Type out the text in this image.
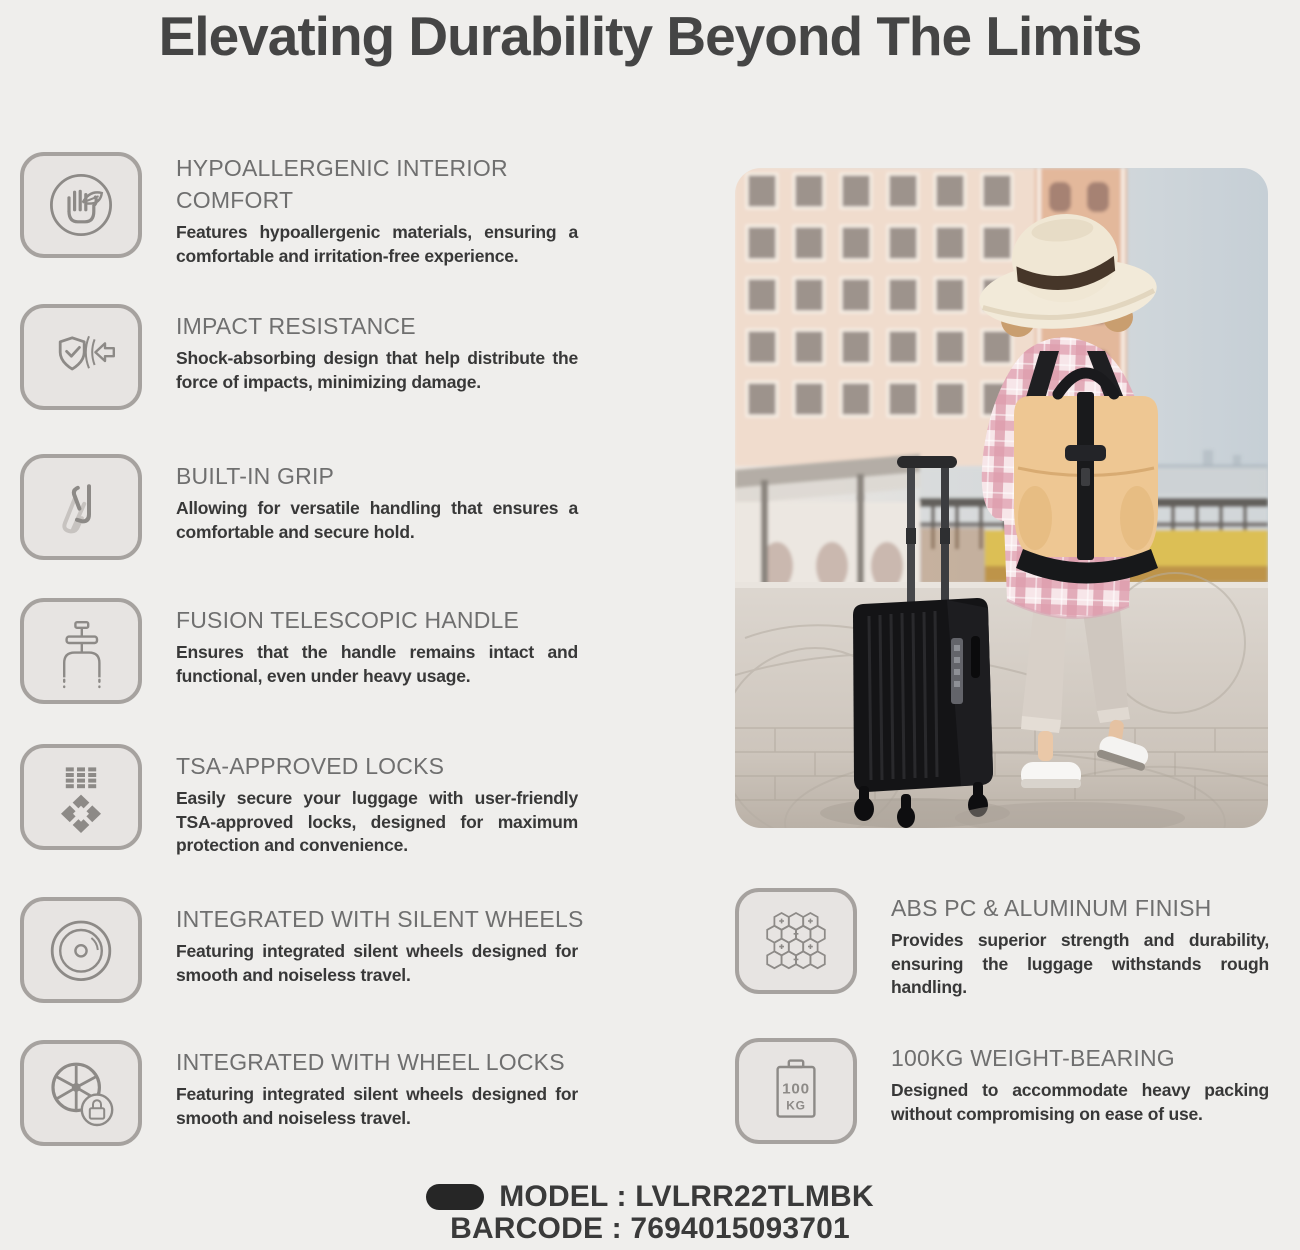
Elevating Durability Beyond The Limits
HYPOALLERGENIC INTERIOR COMFORT
Features hypoallergenic materials, ensuring a comfortable and irritation-free experience.
IMPACT RESISTANCE
Shock-absorbing design that help distribute the force of impacts, minimizing damage.
BUILT-IN GRIP
Allowing for versatile handling that ensures a comfortable and secure hold.
FUSION TELESCOPIC HANDLE
Ensures that the handle remains intact and functional, even under heavy usage.
TSA-APPROVED LOCKS
Easily secure your luggage with user-friendly TSA-approved locks, designed for maximum protection and convenience.
INTEGRATED WITH SILENT WHEELS
Featuring integrated silent wheels designed for smooth and noiseless travel.
INTEGRATED WITH WHEEL LOCKS
Featuring integrated silent wheels designed for smooth and noiseless travel.
ABS PC & ALUMINUM FINISH
Provides superior strength and durability, ensuring the luggage withstands rough handling.
100
KG
100KG WEIGHT-BEARING
Designed to accommodate heavy packing without compromising on ease of use.
MODEL : LVLRR22TLMBK
BARCODE : 7694015093701
